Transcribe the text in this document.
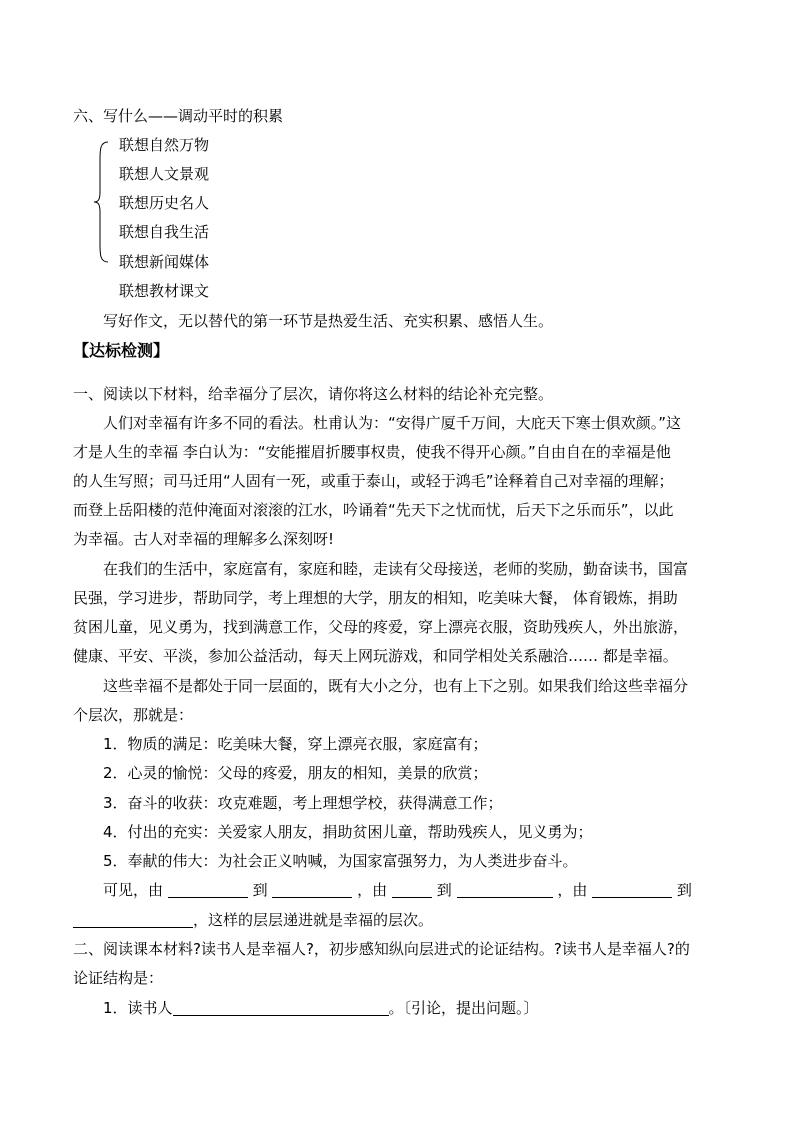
六、写什么——调动平时的积累
联想自然万物
联想人文景观
联想历史名人
联想自我生活
联想新闻媒体
联想教材课文
写好作文，无以替代的第一环节是热爱生活、充实积累、感悟人生。
【达标检测】
一、阅读以下材料，给幸福分了层次，请你将这么材料的结论补充完整。
人们对幸福有许多不同的看法。杜甫认为：“安得广厦千万间，大庇天下寒士俱欢颜。”这
才是人生的幸福 李白认为：“安能摧眉折腰事权贵，使我不得开心颜。”自由自在的幸福是他
的人生写照；司马迁用“人固有一死，或重于泰山，或轻于鸿毛”诠释着自己对幸福的理解；
而登上岳阳楼的范仲淹面对滚滚的江水，吟诵着“先天下之忧而忧，后天下之乐而乐”，以此
为幸福。古人对幸福的理解多么深刻呀!
在我们的生活中，家庭富有，家庭和睦，走读有父母接送，老师的奖励，勤奋读书，国富
民强，学习进步，帮助同学，考上理想的大学，朋友的相知，吃美味大餐， 体育锻炼，捐助
贫困儿童，见义勇为，找到满意工作，父母的疼爱，穿上漂亮衣服，资助残疾人，外出旅游，
健康、平安、平淡，参加公益活动，每天上网玩游戏，和同学相处关系融洽…… 都是幸福。
这些幸福不是都处于同一层面的，既有大小之分，也有上下之别。如果我们给这些幸福分
个层次，那就是：
1．物质的满足：吃美味大餐，穿上漂亮衣服，家庭富有；
2．心灵的愉悦：父母的疼爱，朋友的相知，美景的欣赏；
3．奋斗的收获：攻克难题，考上理想学校，获得满意工作；
4．付出的充实：关爱家人朋友，捐助贫困儿童，帮助残疾人，见义勇为；
5．奉献的伟大：为社会正义呐喊，为国家富强努力，为人类进步奋斗。
可见，由	到	，由	到	，由	到
，这样的层层递进就是幸福的层次。
二、阅读课本材料?读书人是幸福人?，初步感知纵向层进式的论证结构。?读书人是幸福人?的
论证结构是：
1．读书人	。〔引论，提出问题。〕
